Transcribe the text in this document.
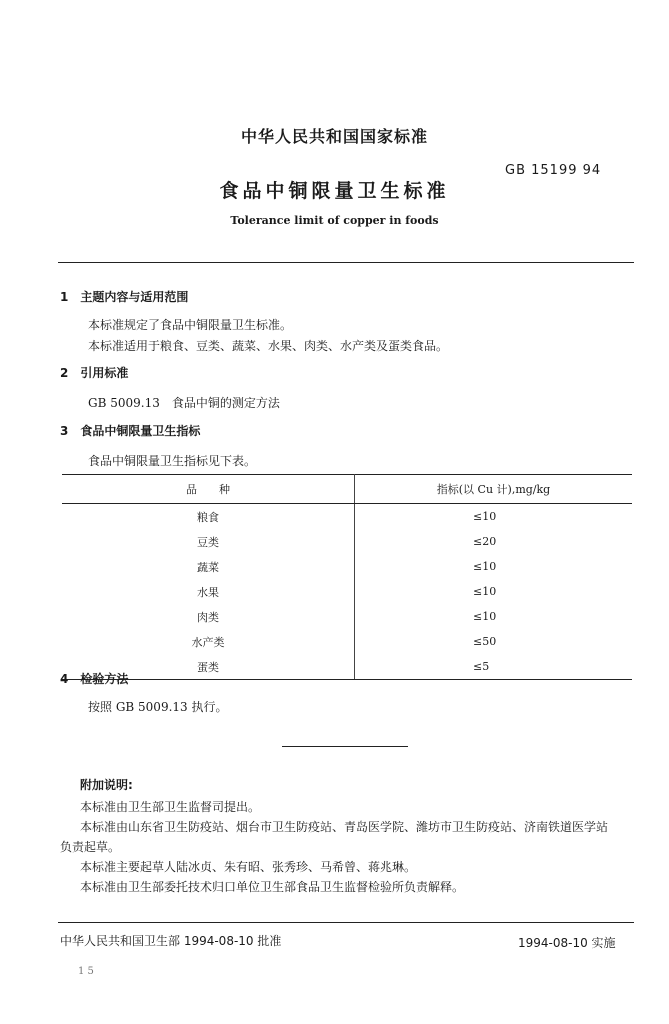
中华人民共和国国家标准
GB 15199 94
食品中铜限量卫生标准
Tolerance limit of copper in foods
1　主题内容与适用范围
本标准规定了食品中铜限量卫生标准。
本标准适用于粮食、豆类、蔬菜、水果、肉类、水产类及蛋类食品。
2　引用标准
GB 5009.13　食品中铜的测定方法
3　食品中铜限量卫生指标
食品中铜限量卫生指标见下表。
品　　种	指标(以 Cu 计),mg/kg
粮食	≤10
豆类	≤20
蔬菜	≤10
水果	≤10
肉类	≤10
水产类	≤50
蛋类	≤5
4　检验方法
按照 GB 5009.13 执行。
附加说明:
本标准由卫生部卫生监督司提出。
本标准由山东省卫生防疫站、烟台市卫生防疫站、青岛医学院、潍坊市卫生防疫站、济南铁道医学站
负责起草。
本标准主要起草人陆冰贞、朱有昭、张秀珍、马希曾、蒋兆琳。
本标准由卫生部委托技术归口单位卫生部食品卫生监督检验所负责解释。
中华人民共和国卫生部 1994-08-10 批准	1994-08-10 实施
1 5
